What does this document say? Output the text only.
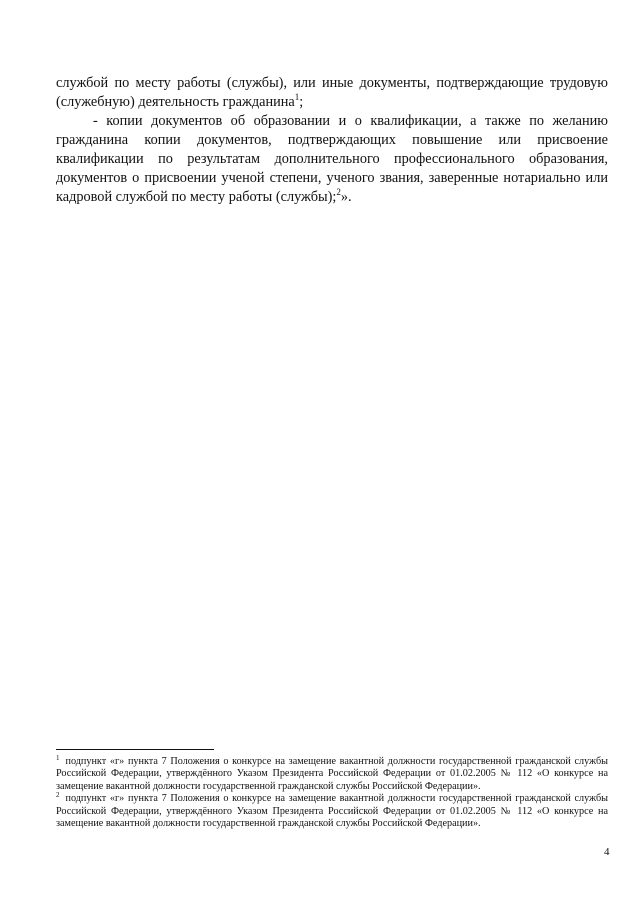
службой по месту работы (службы), или иные документы, подтверждающие трудовую (служебную) деятельность гражданина$^1$;

- копии документов об образовании и о квалификации, а также по желанию гражданина копии документов, подтверждающих повышение или присвоение квалификации по результатам дополнительного профессионального образования, документов о присвоении ученой степени, ученого звания, заверенные нотариально или кадровой службой по месту работы (службы);$^2$».

$^1$ подпункт «г» пункта 7 Положения о конкурсе на замещение вакантной должности государственной гражданской службы Российской Федерации, утверждённого Указом Президента Российской Федерации от 01.02.2005 № 112 «О конкурсе на замещение вакантной должности государственной гражданской службы Российской Федерации».

$^2$ подпункт «г» пункта 7 Положения о конкурсе на замещение вакантной должности государственной гражданской службы Российской Федерации, утверждённого Указом Президента Российской Федерации от 01.02.2005 № 112 «О конкурсе на замещение вакантной должности государственной гражданской службы Российской Федерации».

4
